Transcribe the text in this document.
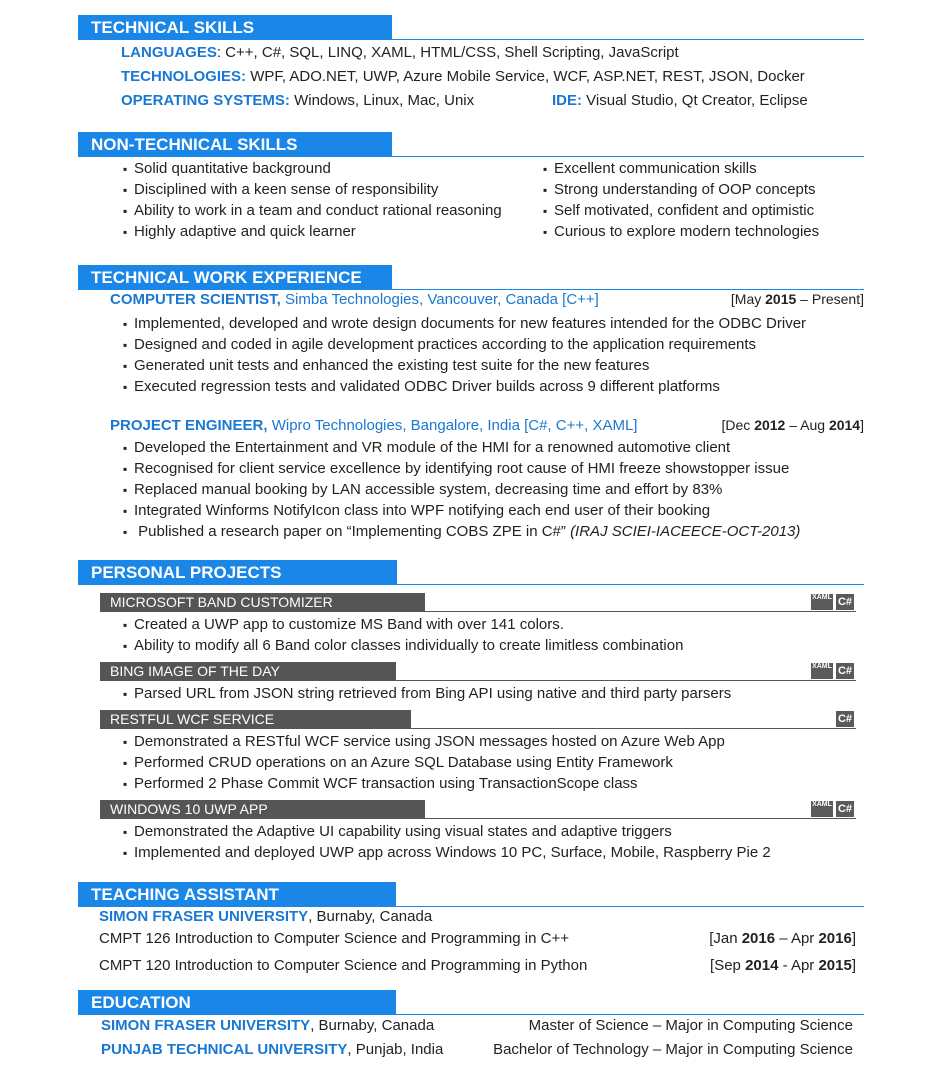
TECHNICAL SKILLS
LANGUAGES: C++, C#, SQL, LINQ, XAML, HTML/CSS, Shell Scripting, JavaScript
TECHNOLOGIES: WPF, ADO.NET, UWP, Azure Mobile Service, WCF, ASP.NET, REST, JSON, Docker
OPERATING SYSTEMS: Windows, Linux, Mac, Unix	IDE: Visual Studio, Qt Creator, Eclipse
NON-TECHNICAL SKILLS
▪ Solid quantitative background
▪ Disciplined with a keen sense of responsibility
▪ Ability to work in a team and conduct rational reasoning
▪ Highly adaptive and quick learner
▪ Excellent communication skills
▪ Strong understanding of OOP concepts
▪ Self motivated, confident and optimistic
▪ Curious to explore modern technologies
TECHNICAL WORK EXPERIENCE
COMPUTER SCIENTIST, Simba Technologies, Vancouver, Canada [C++]	[May 2015 – Present]
▪ Implemented, developed and wrote design documents for new features intended for the ODBC Driver
▪ Designed and coded in agile development practices according to the application requirements
▪ Generated unit tests and enhanced the existing test suite for the new features
▪ Executed regression tests and validated ODBC Driver builds across 9 different platforms
PROJECT ENGINEER, Wipro Technologies, Bangalore, India [C#, C++, XAML]	[Dec 2012 – Aug 2014]
▪ Developed the Entertainment and VR module of the HMI for a renowned automotive client
▪ Recognised for client service excellence by identifying root cause of HMI freeze showstopper issue
▪ Replaced manual booking by LAN accessible system, decreasing time and effort by 83%
▪ Integrated Winforms NotifyIcon class into WPF notifying each end user of their booking
▪ Published a research paper on “Implementing COBS ZPE in C#” (IRAJ SCIEI-IACEECE-OCT-2013)
PERSONAL PROJECTS
MICROSOFT BAND CUSTOMIZER	XAML C#
▪ Created a UWP app to customize MS Band with over 141 colors.
▪ Ability to modify all 6 Band color classes individually to create limitless combination
BING IMAGE OF THE DAY	XAML C#
▪ Parsed URL from JSON string retrieved from Bing API using native and third party parsers
RESTFUL WCF SERVICE	C#
▪ Demonstrated a RESTful WCF service using JSON messages hosted on Azure Web App
▪ Performed CRUD operations on an Azure SQL Database using Entity Framework
▪ Performed 2 Phase Commit WCF transaction using TransactionScope class
WINDOWS 10 UWP APP	XAML C#
▪ Demonstrated the Adaptive UI capability using visual states and adaptive triggers
▪ Implemented and deployed UWP app across Windows 10 PC, Surface, Mobile, Raspberry Pie 2
TEACHING ASSISTANT
SIMON FRASER UNIVERSITY, Burnaby, Canada
CMPT 126 Introduction to Computer Science and Programming in C++	[Jan 2016 – Apr 2016]
CMPT 120 Introduction to Computer Science and Programming in Python	[Sep 2014 - Apr 2015]
EDUCATION
SIMON FRASER UNIVERSITY, Burnaby, Canada	Master of Science – Major in Computing Science
PUNJAB TECHNICAL UNIVERSITY, Punjab, India	Bachelor of Technology – Major in Computing Science
